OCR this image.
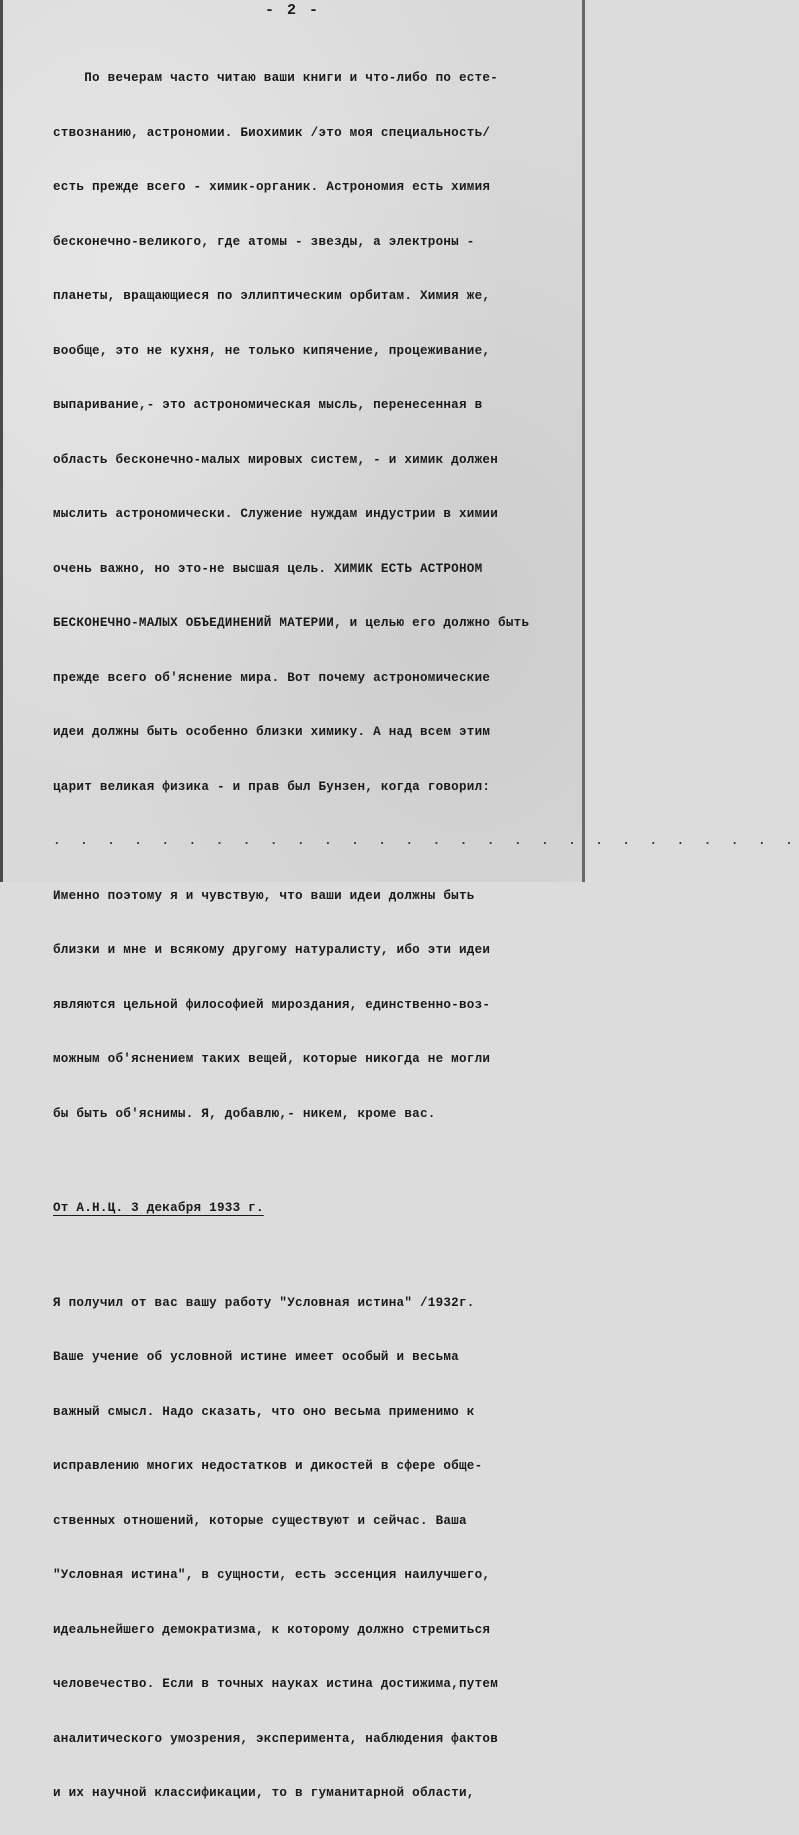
- 2 -

По вечерам часто читаю ваши книги и что-либо по есте-

ствознанию, астрономии. Биохимик /это моя специальность/

есть прежде всего - химик-органик. Астрономия есть химия

бесконечно-великого, где атомы - звезды, а электроны -

планеты, вращающиеся по эллиптическим орбитам. Химия же,

вообще, это не кухня, не только кипячение, процеживание,

выпаривание,- это астрономическая мысль, перенесенная в

область бесконечно-малых мировых систем, - и химик должен

мыслить астрономически. Служение нуждам индустрии в химии

очень важно, но это-не высшая цель. ХИМИК ЕСТЬ АСТРОНОМ

БЕСКОНЕЧНО-МАЛЫХ ОБЪЕДИНЕНИЙ МАТЕРИИ, и целью его должно быть

прежде всего об'яснение мира. Вот почему астрономические

идеи должны быть особенно близки химику. А над всем этим

царит великая физика - и прав был Бунзен, когда говорил:

. . . . . . . . . . . . . . . . . . . . . . . . . . . .

Именно поэтому я и чувствую, что ваши идеи должны быть

близки и мне и всякому другому натуралисту, ибо эти идеи

являются цельной философией мироздания, единственно-воз-

можным об'яснением таких вещей, которые никогда не могли

бы быть об'яснимы. Я, добавлю,- никем, кроме вас.

От А.Н.Ц. 3 декабря 1933 г.

Я получил от вас вашу работу "Условная истина" /1932г.

Ваше учение об условной истине имеет особый и весьма

важный смысл. Надо сказать, что оно весьма применимо к

исправлению многих недостатков и дикостей в сфере обще-

ственных отношений, которые существуют и сейчас. Ваша

"Условная истина", в сущности, есть эссенция наилучшего,

идеальнейшего демократизма, к которому должно стремиться

человечество. Если в точных науках истина достижима,путем

аналитического умозрения, эксперимента, наблюдения фактов

и их научной классификации, то в гуманитарной области,
